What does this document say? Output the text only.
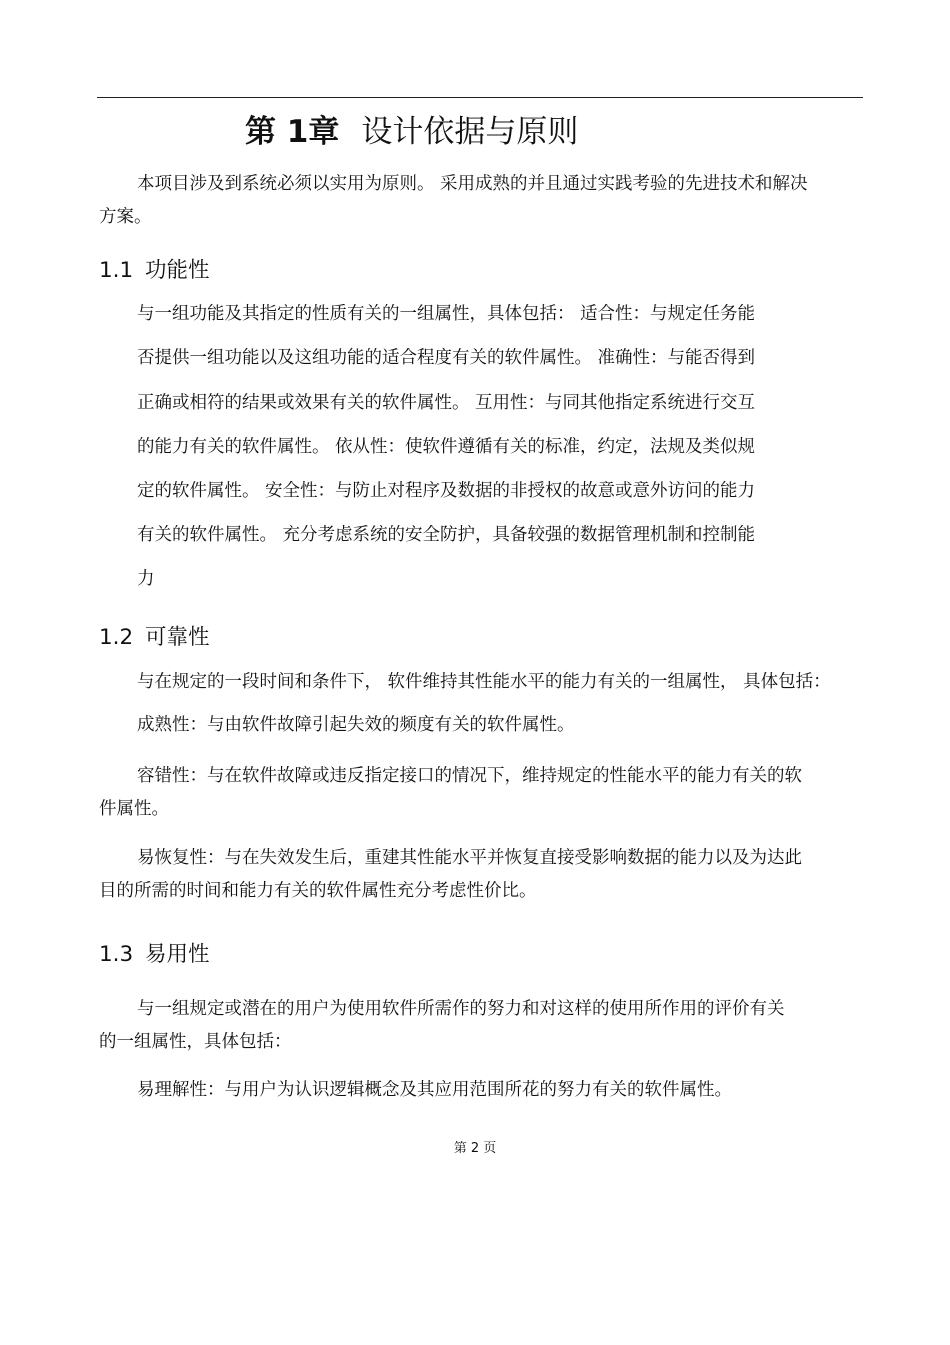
第 1章 设计依据与原则
本项目涉及到系统必须以实用为原则。 采用成熟的并且通过实践考验的先进技术和解决
方案。
1.1 功能性
与一组功能及其指定的性质有关的一组属性，具体包括： 适合性：与规定任务能
否提供一组功能以及这组功能的适合程度有关的软件属性。 准确性：与能否得到
正确或相符的结果或效果有关的软件属性。 互用性：与同其他指定系统进行交互
的能力有关的软件属性。 依从性：使软件遵循有关的标准，约定，法规及类似规
定的软件属性。 安全性：与防止对程序及数据的非授权的故意或意外访问的能力
有关的软件属性。 充分考虑系统的安全防护，具备较强的数据管理机制和控制能
力
1.2 可靠性
与在规定的一段时间和条件下， 软件维持其性能水平的能力有关的一组属性， 具体包括：
成熟性：与由软件故障引起失效的频度有关的软件属性。
容错性：与在软件故障或违反指定接口的情况下，维持规定的性能水平的能力有关的软
件属性。
易恢复性：与在失效发生后，重建其性能水平并恢复直接受影响数据的能力以及为达此
目的所需的时间和能力有关的软件属性充分考虑性价比。
1.3 易用性
与一组规定或潜在的用户为使用软件所需作的努力和对这样的使用所作用的评价有关
的一组属性，具体包括：
易理解性：与用户为认识逻辑概念及其应用范围所花的努力有关的软件属性。
第 2 页
